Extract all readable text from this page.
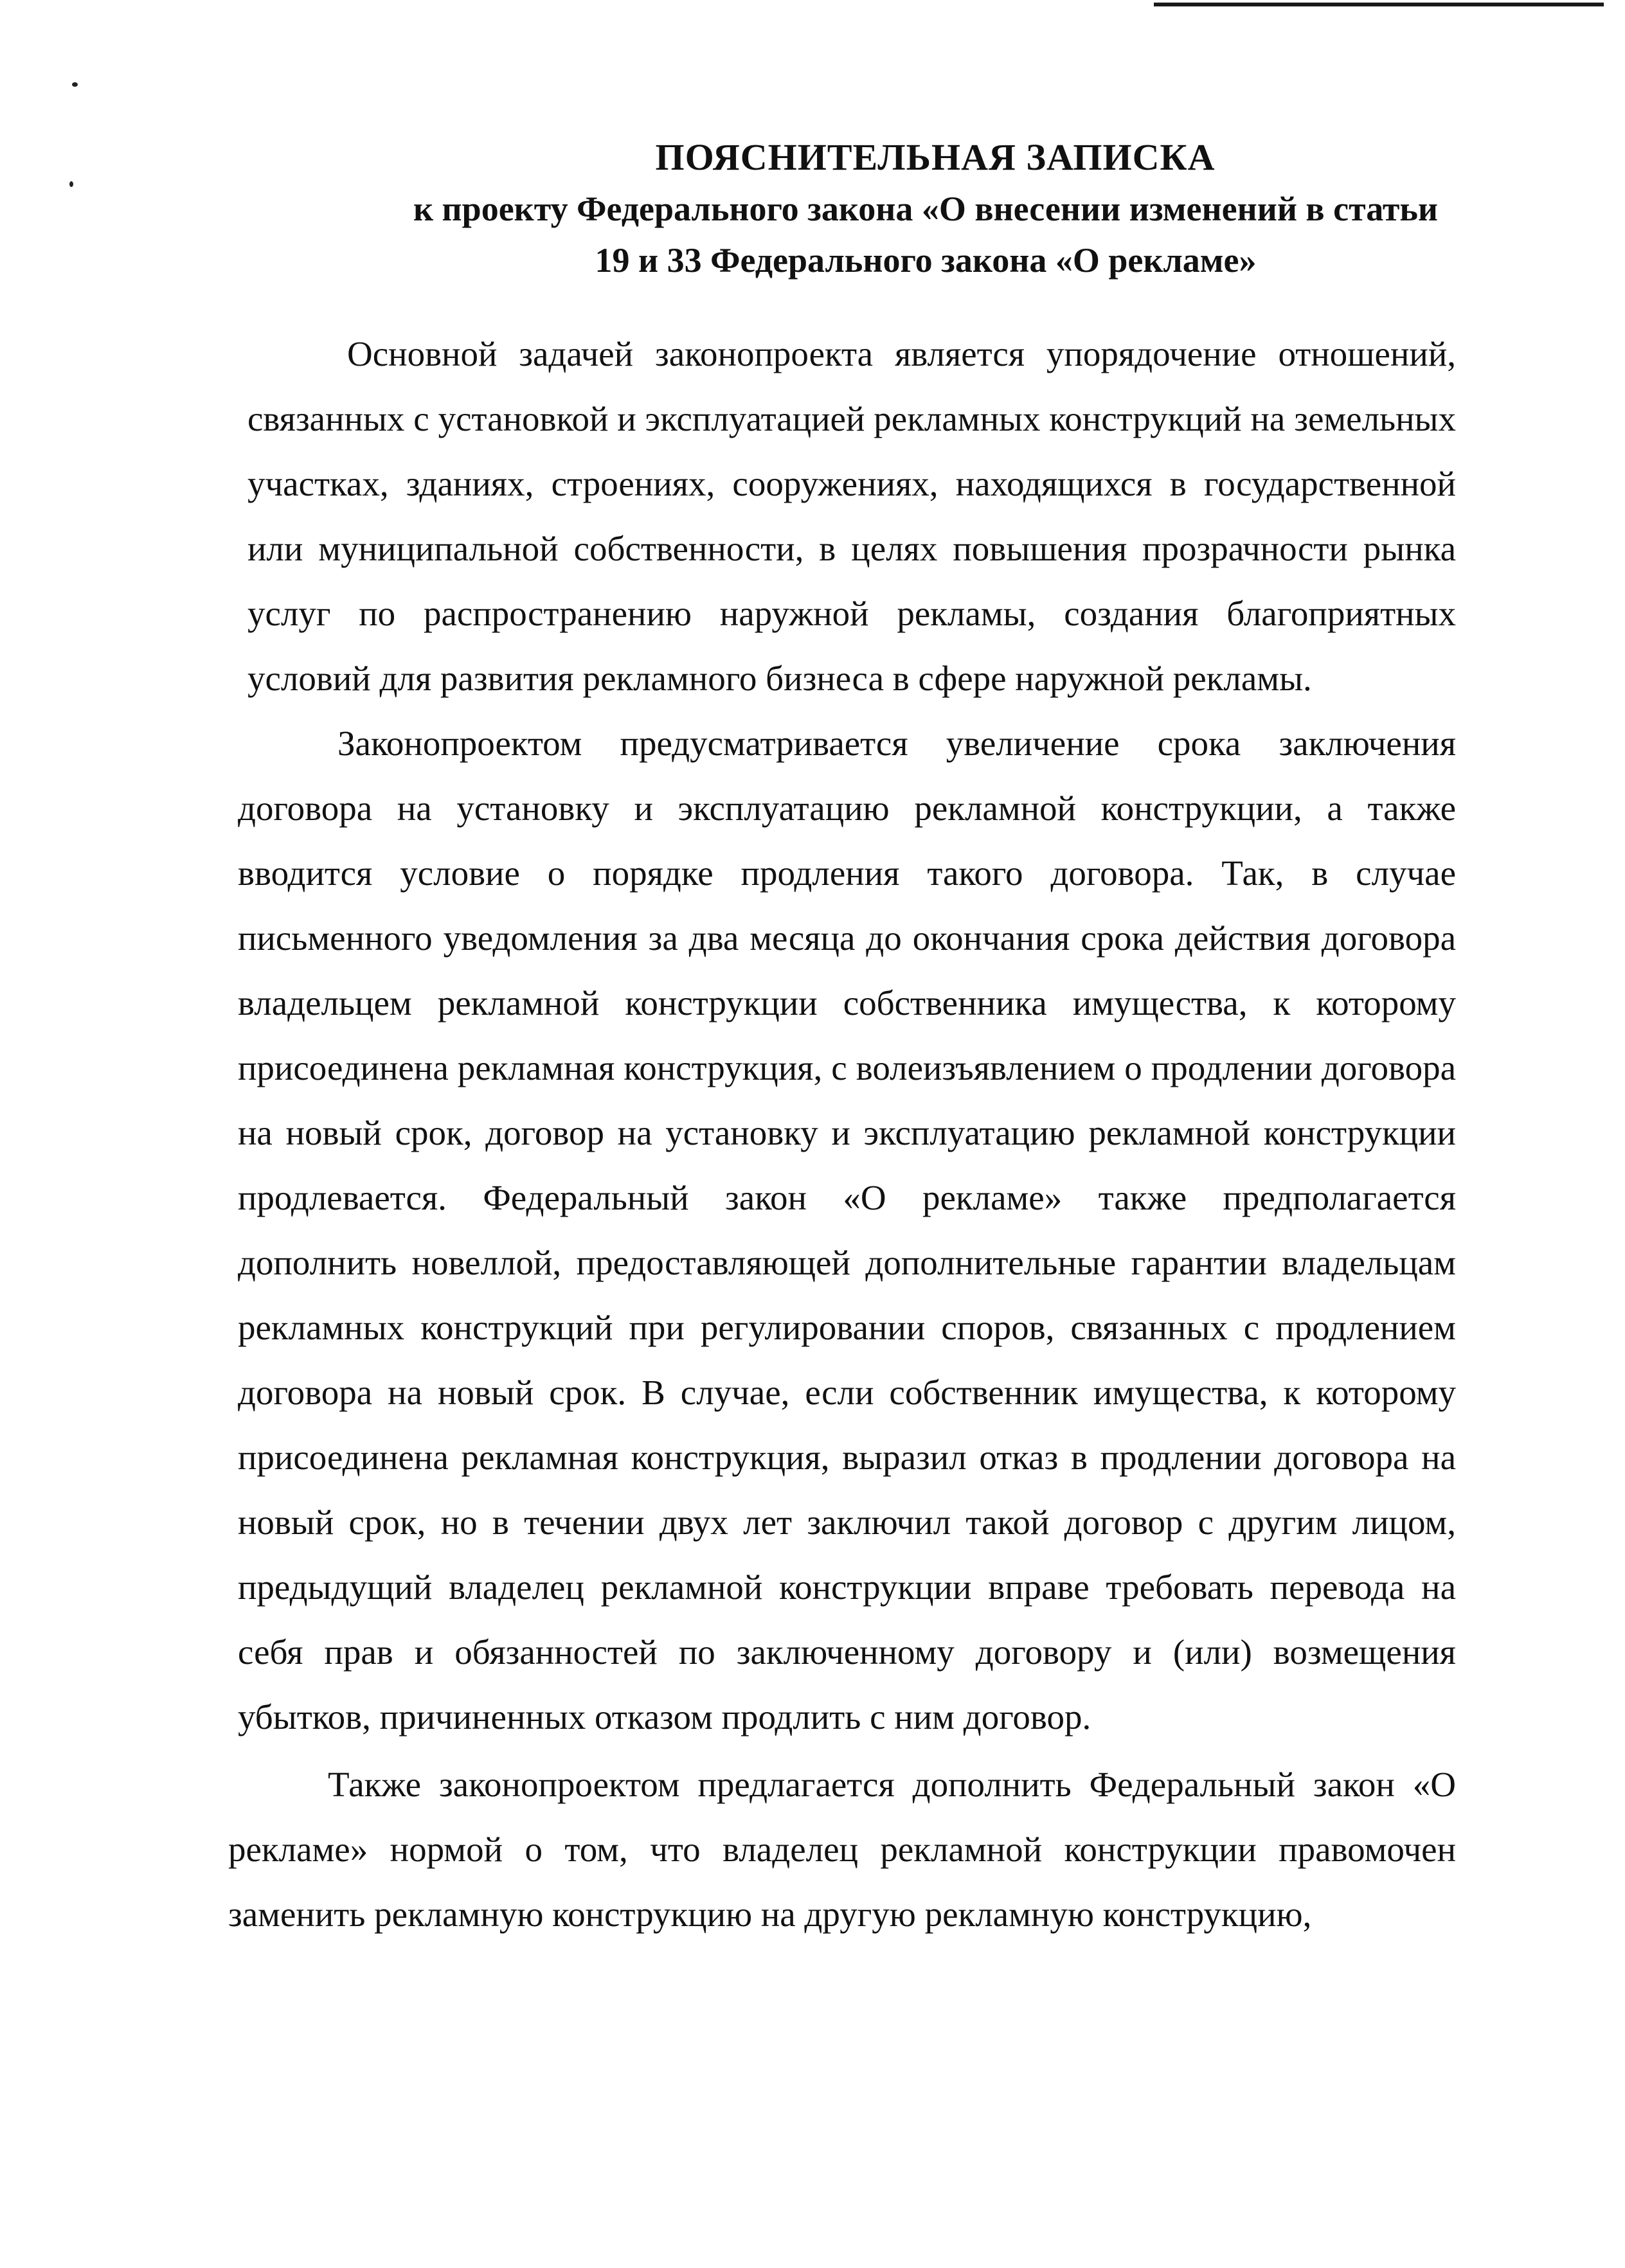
ПОЯСНИТЕЛЬНАЯ ЗАПИСКА
к проекту Федерального закона «О внесении изменений в статьи
19 и 33 Федерального закона «О рекламе»

Основной задачей законопроекта является упорядочение отношений, связанных с установкой и эксплуатацией рекламных конструкций на земельных участках, зданиях, строениях, сооружениях, находящихся в государственной или муниципальной собственности, в целях повышения прозрачности рынка услуг по распространению наружной рекламы, создания благоприятных условий для развития рекламного бизнеса в сфере наружной рекламы.

Законопроектом предусматривается увеличение срока заключения договора на установку и эксплуатацию рекламной конструкции, а также вводится условие о порядке продления такого договора. Так, в случае письменного уведомления за два месяца до окончания срока действия договора владельцем рекламной конструкции собственника имущества, к которому присоединена рекламная конструкция, с волеизъявлением о продлении договора на новый срок, договор на установку и эксплуатацию рекламной конструкции продлевается. Федеральный закон «О рекламе» также предполагается дополнить новеллой, предоставляющей дополнительные гарантии владельцам рекламных конструкций при регулировании споров, связанных с продлением договора на новый срок. В случае, если собственник имущества, к которому присоединена рекламная конструкция, выразил отказ в продлении договора на новый срок, но в течении двух лет заключил такой договор с другим лицом, предыдущий владелец рекламной конструкции вправе требовать перевода на себя прав и обязанностей по заключенному договору и (или) возмещения убытков, причиненных отказом продлить с ним договор.

Также законопроектом предлагается дополнить Федеральный закон «О рекламе» нормой о том, что владелец рекламной конструкции правомочен заменить рекламную конструкцию на другую рекламную конструкцию,
